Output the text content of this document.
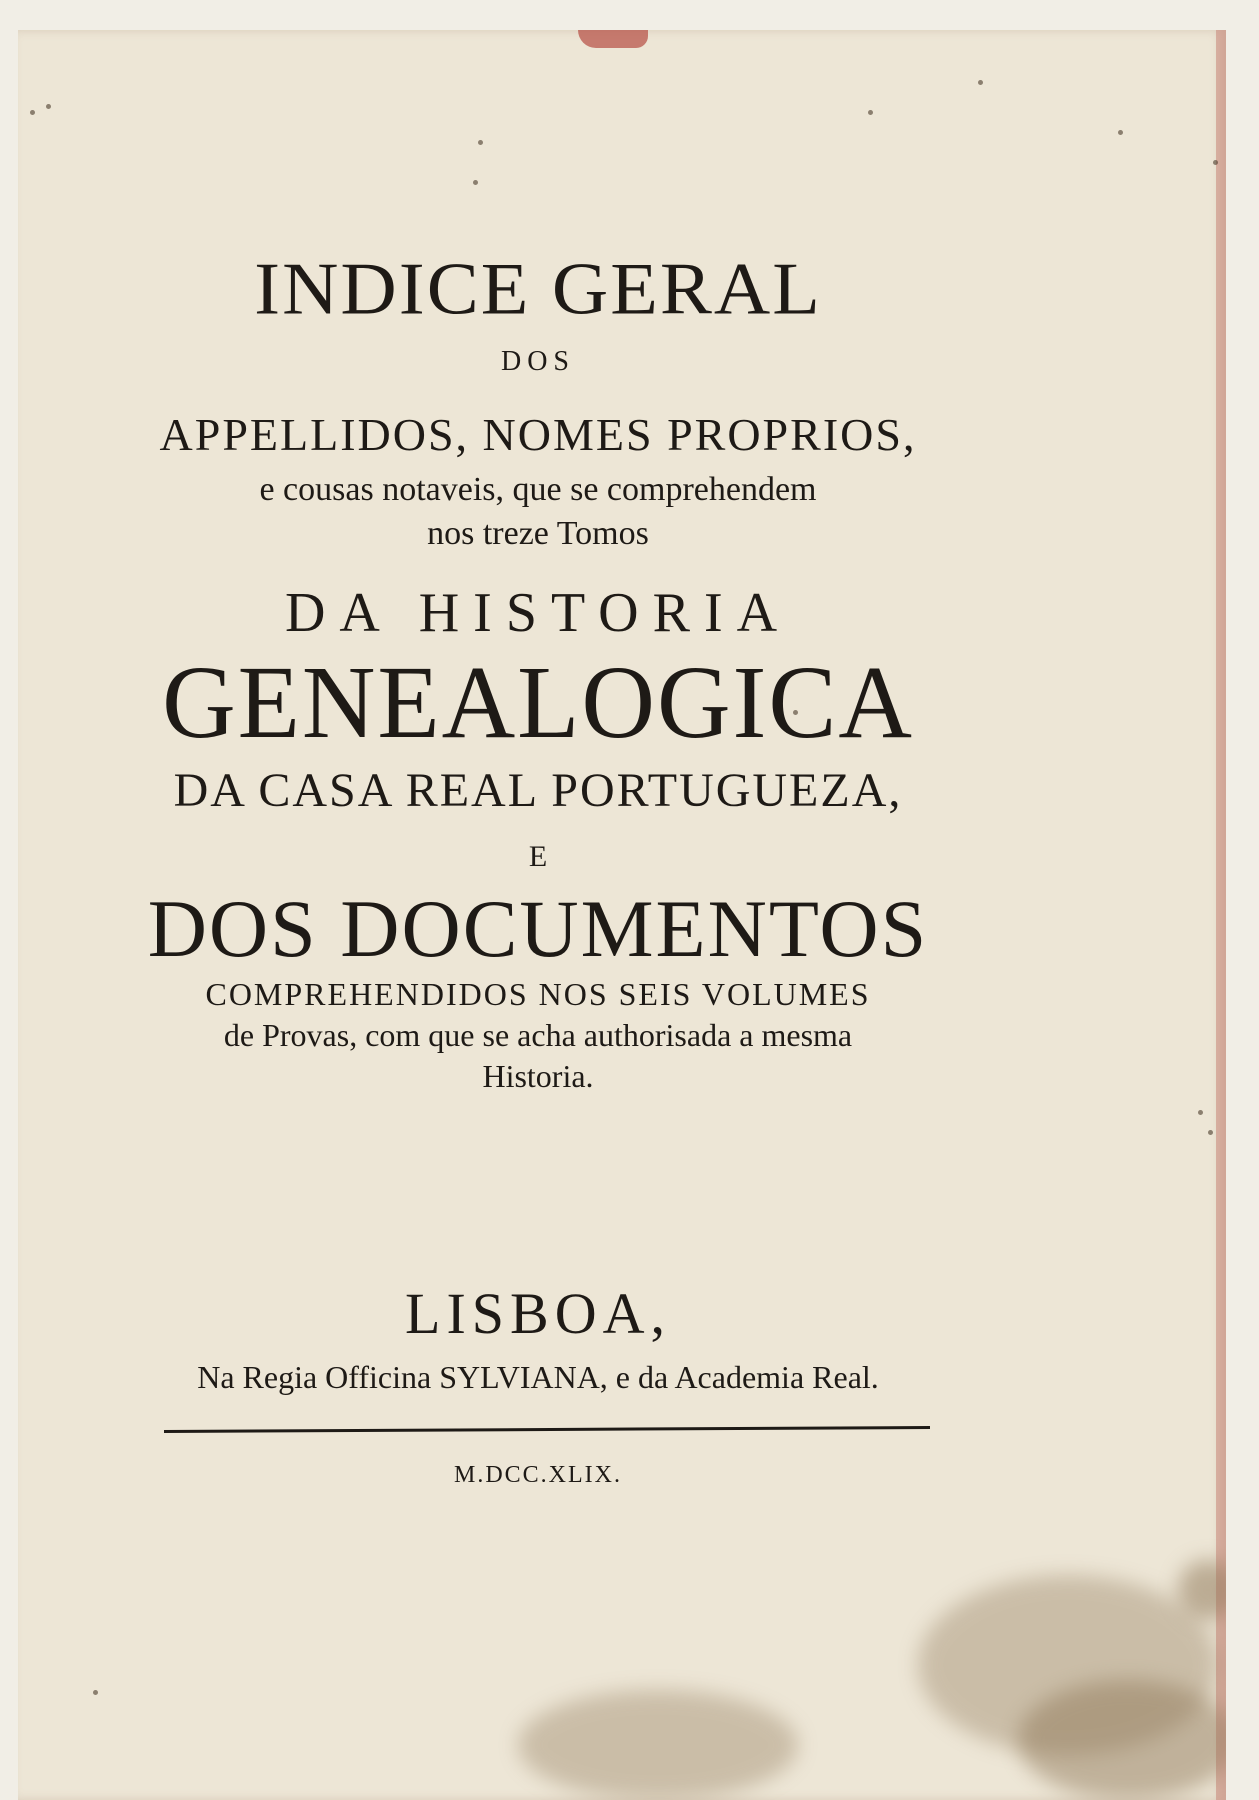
INDICE GERAL
DOS
APPELLIDOS, NOMES PROPRIOS,
e cousas notaveis, que se comprehendem
nos treze Tomos
DA HISTORIA
GENEALOGICA
DA CASA REAL PORTUGUEZA,
E
DOS DOCUMENTOS
COMPREHENDIDOS NOS SEIS VOLUMES
de Provas, com que se acha authorisada a mesma
Historia.
LISBOA,
Na Regia Officina SYLVIANA, e da Academia Real.
M.DCC.XLIX.
